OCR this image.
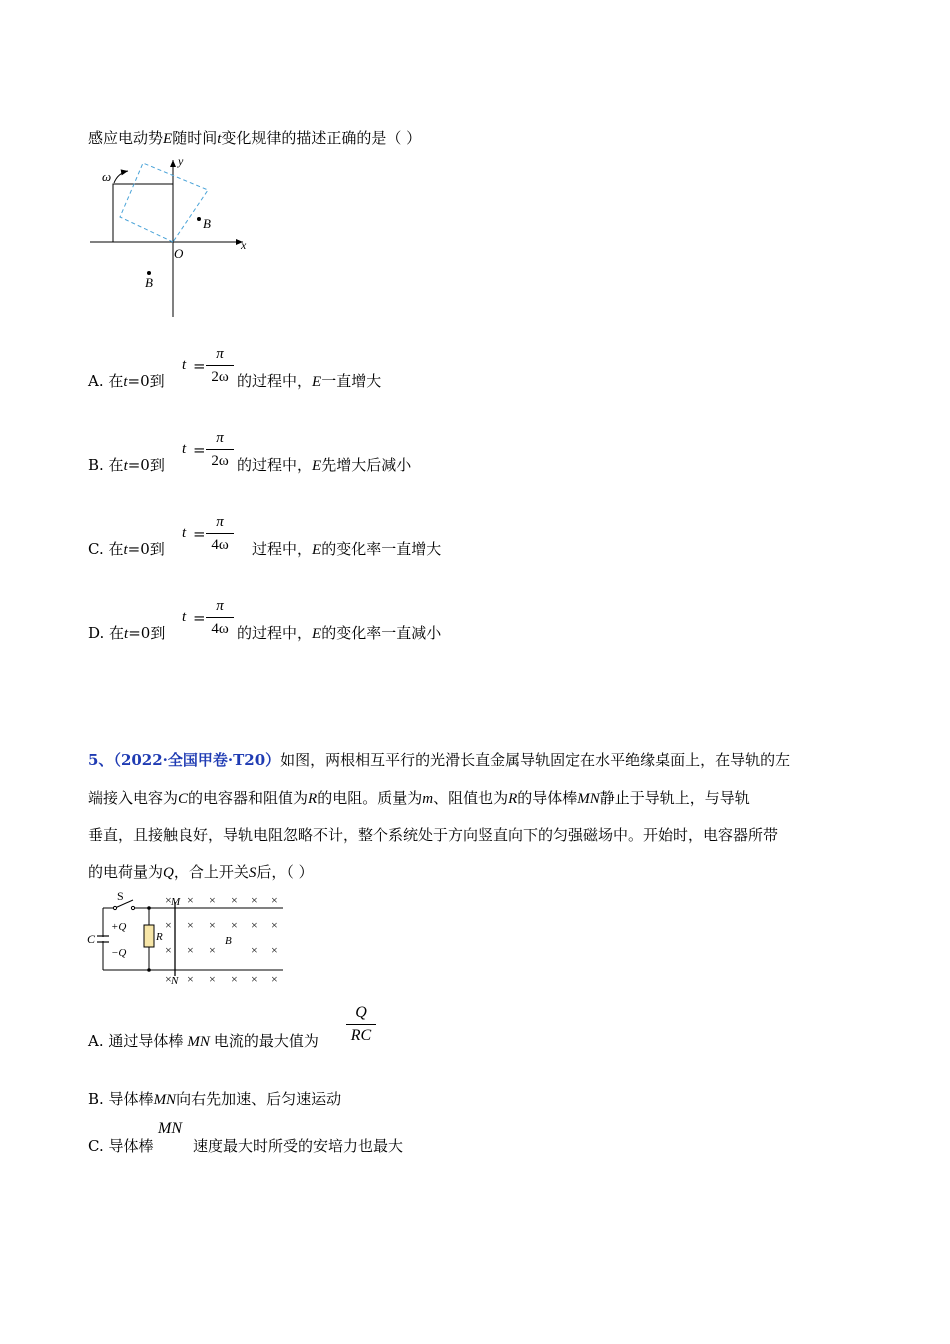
感应电动势E随时间t变化规律的描述正确的是（ ）
ω
y
x
O
B
B
A. 在t=0到
t =
π
2ω 的过程中，E一直增大
B. 在t=0到
t =
π
2ω 的过程中，E先增大后减小
C. 在t=0到
t =
π
4ω	过程中，E的变化率一直增大
D. 在t=0到
t =
π
4ω 的过程中，E的变化率一直减小
5、（2022·全国甲卷·T20）如图，两根相互平行的光滑长直金属导轨固定在水平绝缘桌面上，在导轨的左
端接入电容为C的电容器和阻值为R的电阻。质量为m、阻值也为R的导体棒MN静止于导轨上，与导轨
垂直，且接触良好，导轨电阻忽略不计，整个系统处于方向竖直向下的匀强磁场中。开始时，电容器所带
的电荷量为Q，合上开关S后，（ ）
S
C
+Q
−Q
R
M
N
B
× × × × × ×
× × × × × ×
× × ×	× ×
× × × × × ×
A. 通过导体棒 MN 电流的最大值为
Q
RC
B. 导体棒MN向右先加速、后匀速运动
C. 导体棒
MN
速度最大时所受的安培力也最大
